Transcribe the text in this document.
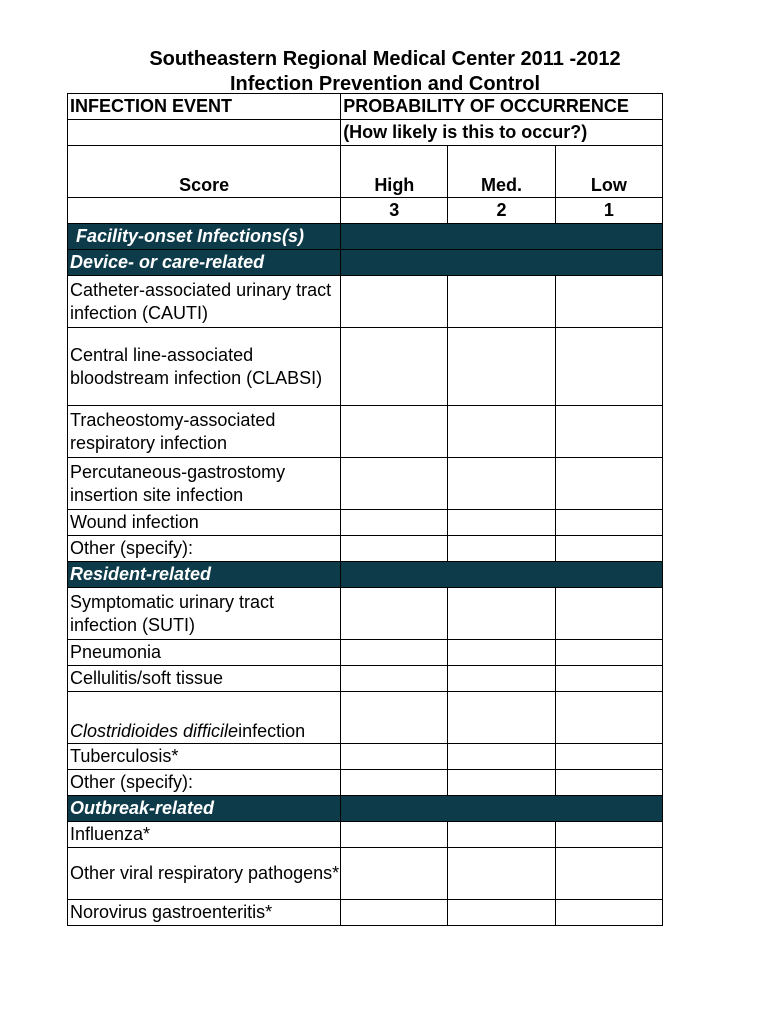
Southeastern Regional Medical Center 2011 -2012
Infection Prevention and Control
INFECTION EVENT	PROBABILITY OF OCCURRENCE		
	(How likely is this to occur?)		
Score	High	Med.	Low
	3	2	1
Facility-onset Infections(s)			
Device- or care-related			
Catheter-associated urinary tract infection (CAUTI)			
Central line-associated bloodstream infection (CLABSI)			
Tracheostomy-associated respiratory infection			
Percutaneous-gastrostomy insertion site infection			
Wound infection			
Other (specify):			
Resident-related			
Symptomatic urinary tract infection (SUTI)			
Pneumonia			
Cellulitis/soft tissue			
Clostridioides difficileinfection			
Tuberculosis*			
Other (specify):			
Outbreak-related			
Influenza*			
Other viral respiratory pathogens*			
Norovirus gastroenteritis*			
